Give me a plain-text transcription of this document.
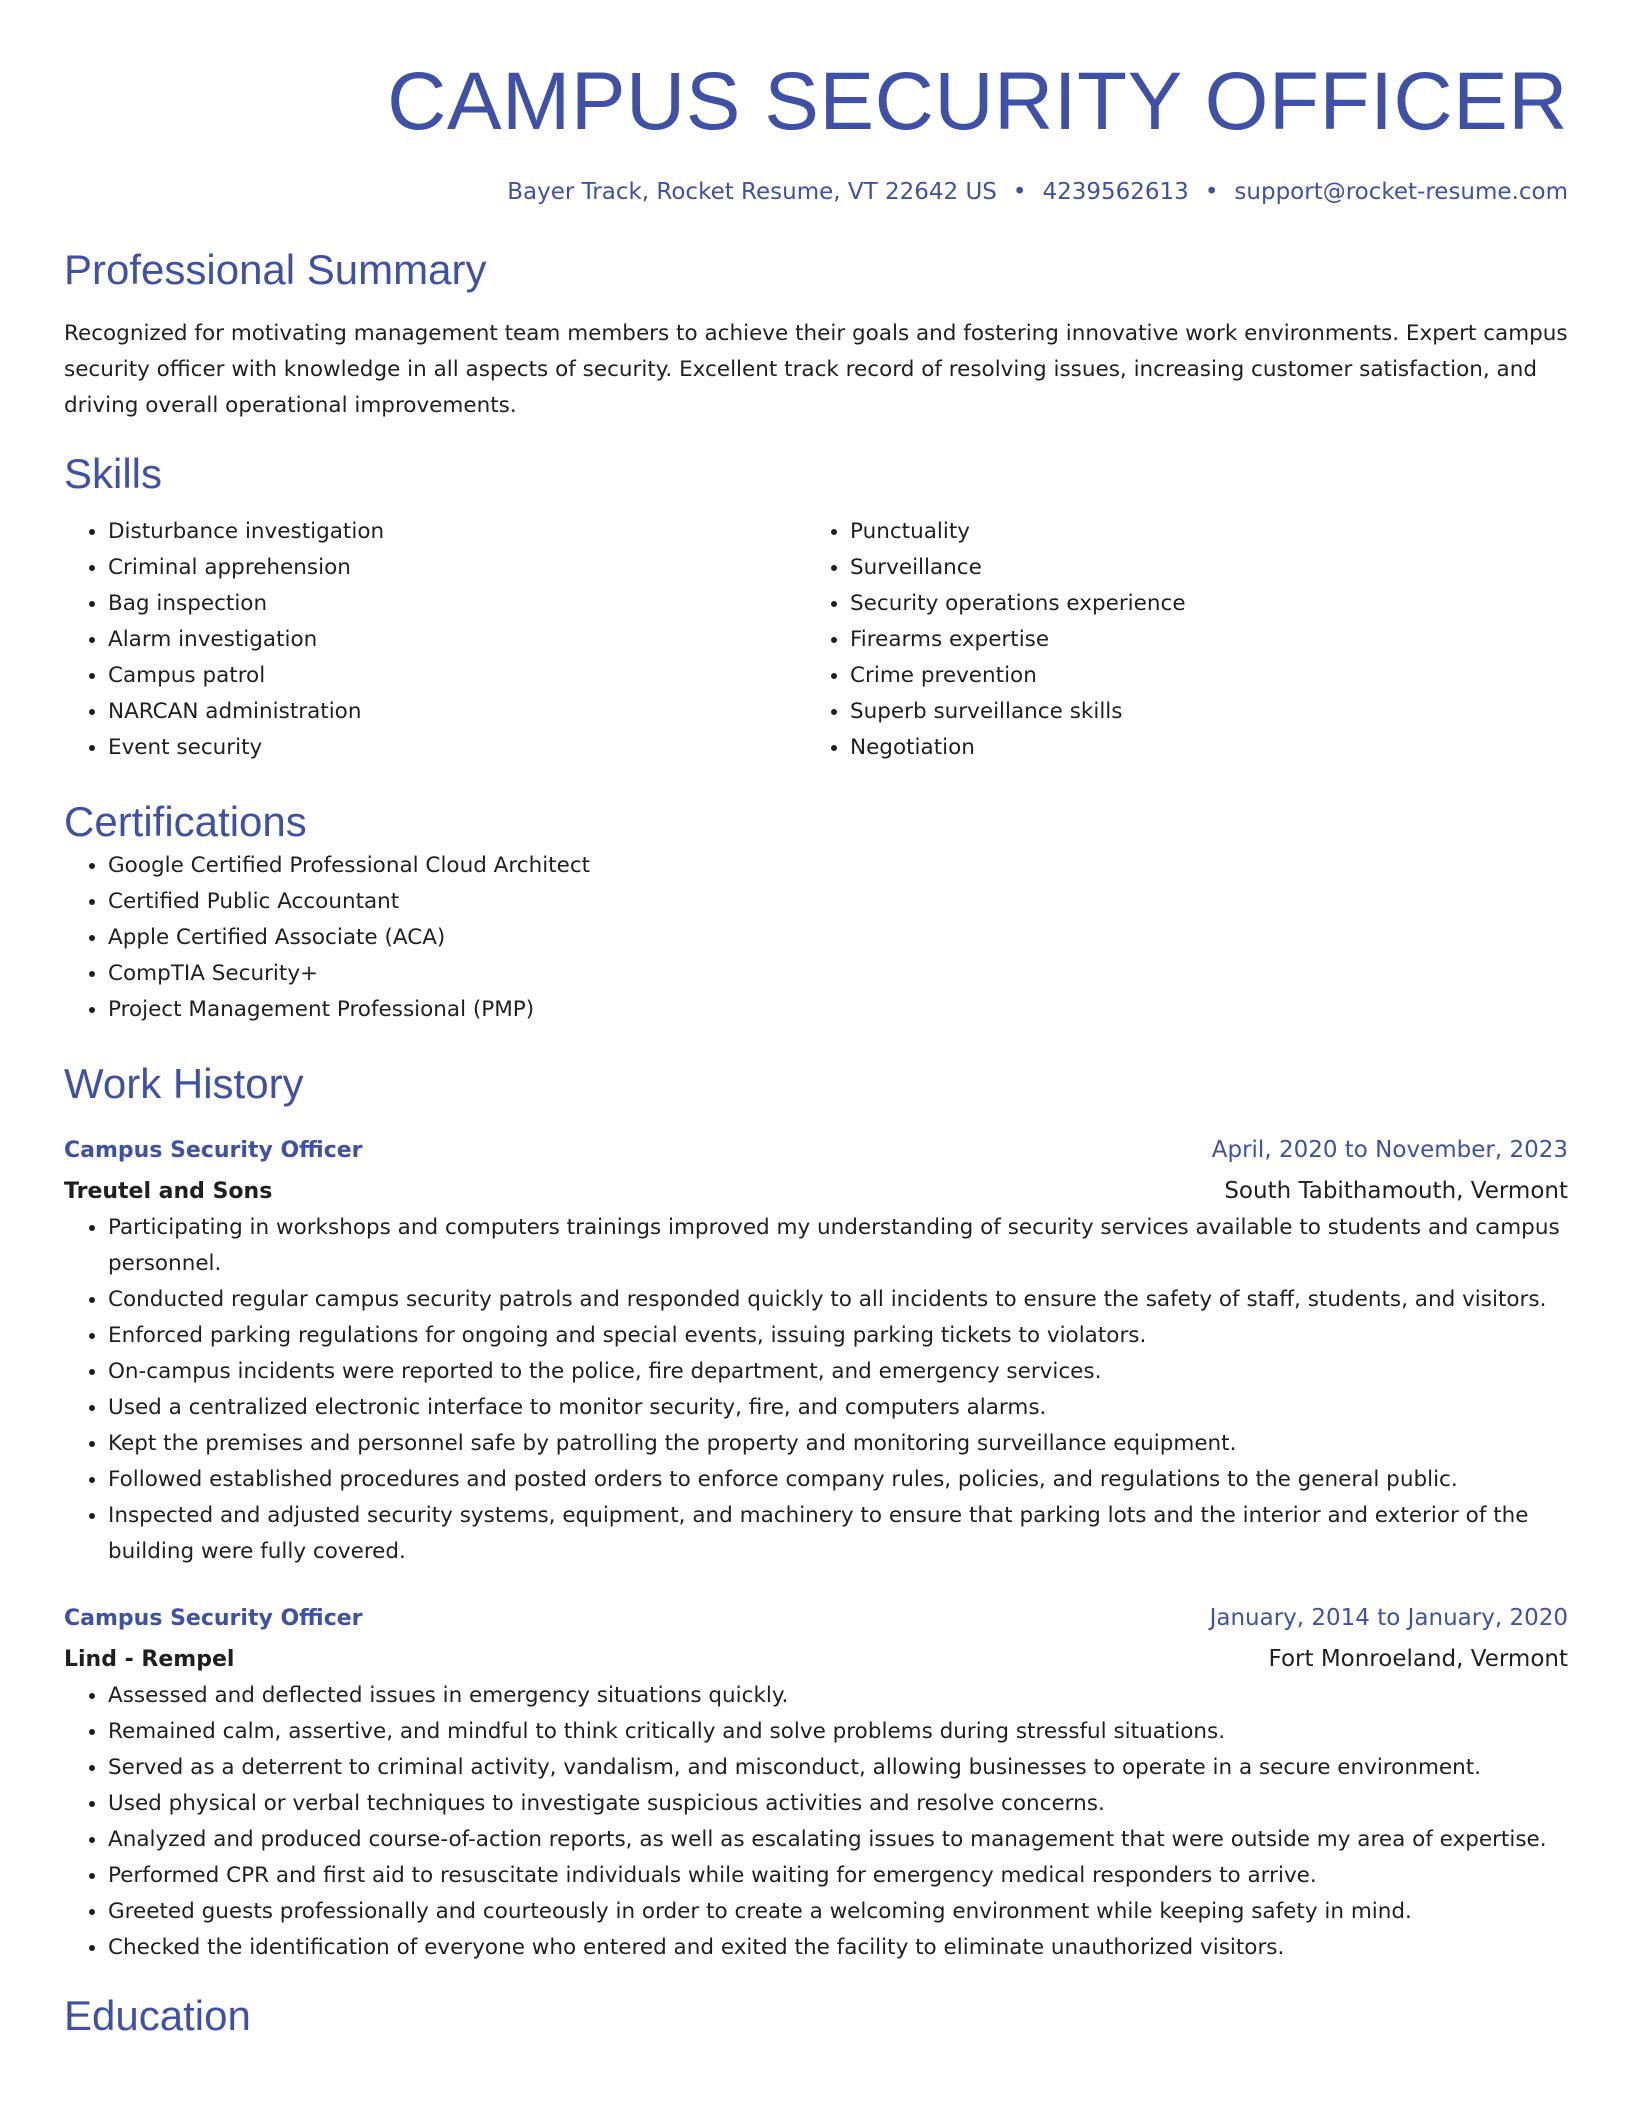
CAMPUS SECURITY OFFICER
Bayer Track, Rocket Resume, VT 22642 US • 4239562613 • support@rocket-resume.com
Professional Summary
Recognized for motivating management team members to achieve their goals and fostering innovative work environments. Expert campus security officer with knowledge in all aspects of security. Excellent track record of resolving issues, increasing customer satisfaction, and driving overall operational improvements.
Skills
• Disturbance investigation
• Criminal apprehension
• Bag inspection
• Alarm investigation
• Campus patrol
• NARCAN administration
• Event security
• Punctuality
• Surveillance
• Security operations experience
• Firearms expertise
• Crime prevention
• Superb surveillance skills
• Negotiation
Certifications
• Google Certified Professional Cloud Architect
• Certified Public Accountant
• Apple Certified Associate (ACA)
• CompTIA Security+
• Project Management Professional (PMP)
Work History
Campus Security Officer	April, 2020 to November, 2023
Treutel and Sons	South Tabithamouth, Vermont
• Participating in workshops and computers trainings improved my understanding of security services available to students and campus personnel.
• Conducted regular campus security patrols and responded quickly to all incidents to ensure the safety of staff, students, and visitors.
• Enforced parking regulations for ongoing and special events, issuing parking tickets to violators.
• On-campus incidents were reported to the police, fire department, and emergency services.
• Used a centralized electronic interface to monitor security, fire, and computers alarms.
• Kept the premises and personnel safe by patrolling the property and monitoring surveillance equipment.
• Followed established procedures and posted orders to enforce company rules, policies, and regulations to the general public.
• Inspected and adjusted security systems, equipment, and machinery to ensure that parking lots and the interior and exterior of the building were fully covered.
Campus Security Officer	January, 2014 to January, 2020
Lind - Rempel	Fort Monroeland, Vermont
• Assessed and deflected issues in emergency situations quickly.
• Remained calm, assertive, and mindful to think critically and solve problems during stressful situations.
• Served as a deterrent to criminal activity, vandalism, and misconduct, allowing businesses to operate in a secure environment.
• Used physical or verbal techniques to investigate suspicious activities and resolve concerns.
• Analyzed and produced course-of-action reports, as well as escalating issues to management that were outside my area of expertise.
• Performed CPR and first aid to resuscitate individuals while waiting for emergency medical responders to arrive.
• Greeted guests professionally and courteously in order to create a welcoming environment while keeping safety in mind.
• Checked the identification of everyone who entered and exited the facility to eliminate unauthorized visitors.
Education
